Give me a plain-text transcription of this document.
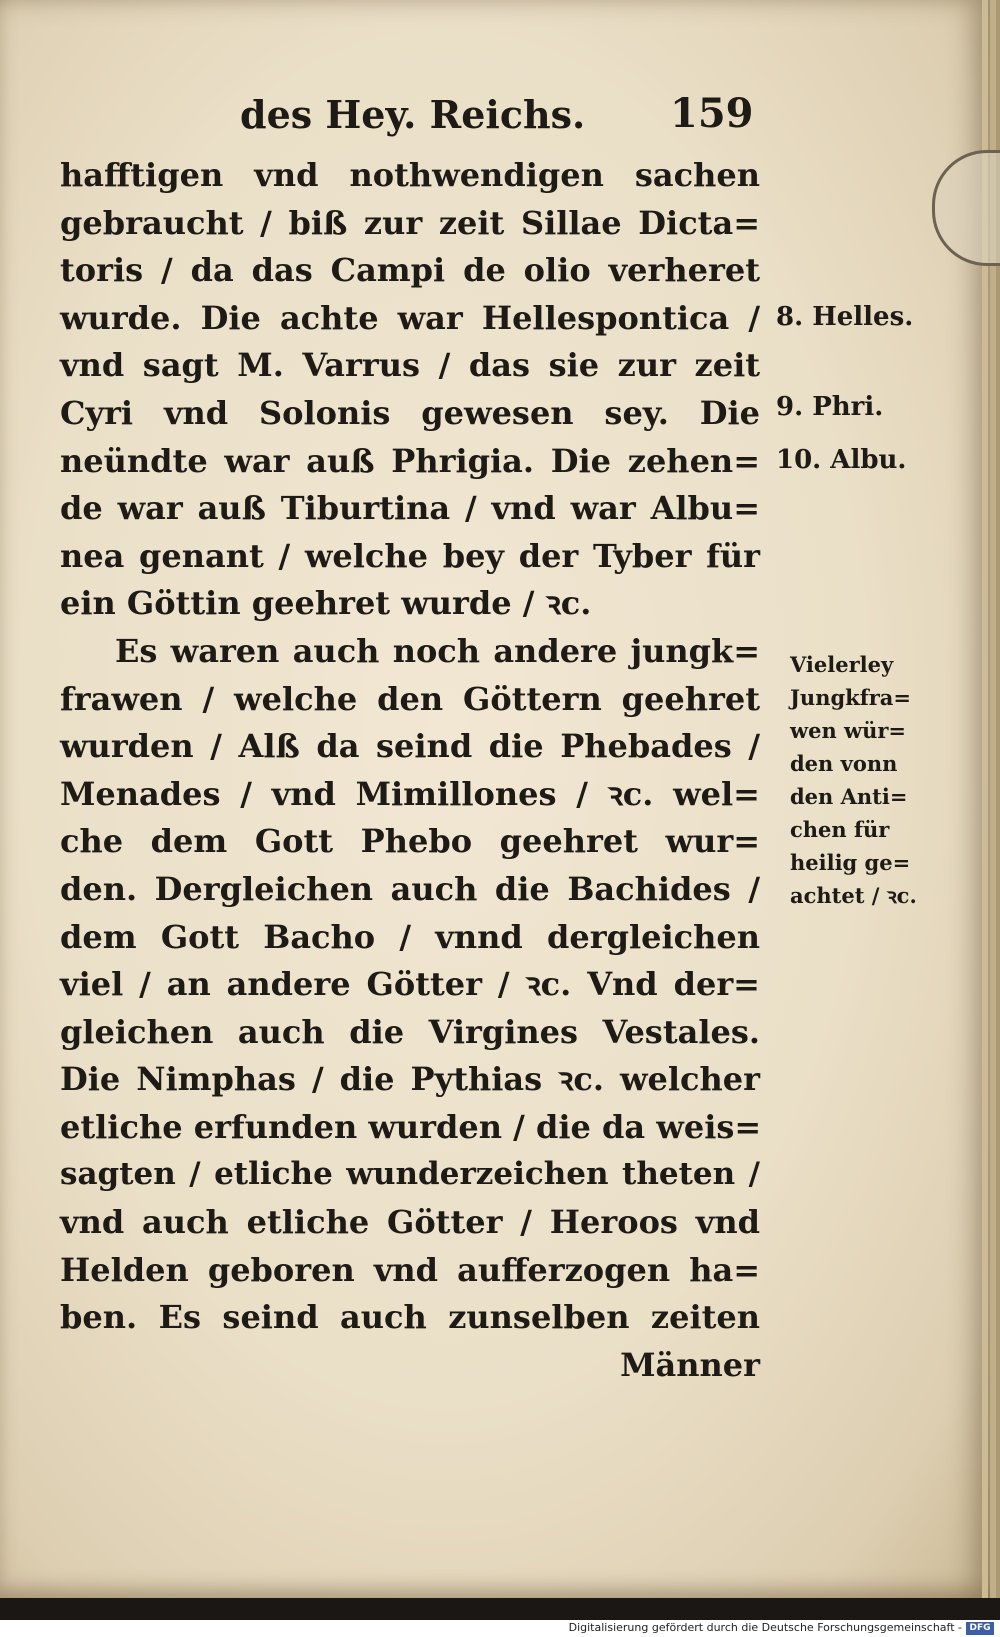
des Hey. Reichs. 159
hafftigen vnd nothwendigen sachen
gebraucht / biß zur zeit Sillae Dicta=
toris / da das Campi de olio verheret
wurde. Die achte war Hellespontica /
vnd sagt M. Varrus / das sie zur zeit
Cyri vnd Solonis gewesen sey. Die
neündte war auß Phrigia. Die zehen=
de war auß Tiburtina / vnd war Albu=
nea genant / welche bey der Tyber für
ein Göttin geehret wurde / ꝛc.
Es waren auch noch andere jungk=
frawen / welche den Göttern geehret
wurden / Alß da seind die Phebades /
Menades / vnd Mimillones / ꝛc. wel=
che dem Gott Phebo geehret wur=
den. Dergleichen auch die Bachides /
dem Gott Bacho / vnnd dergleichen
viel / an andere Götter / ꝛc. Vnd der=
gleichen auch die Virgines Vestales.
Die Nimphas / die Pythias ꝛc. welcher
etliche erfunden wurden / die da weis=
sagten / etliche wunderzeichen theten /
vnd auch etliche Götter / Heroos vnd
Helden geboren vnd aufferzogen ha=
ben. Es seind auch zunselben zeiten
Männer
8. Helles.
9. Phri.
10. Albu.
Vielerley
Jungkfra=
wen wür=
den vonn
den Anti=
chen für
heilig ge=
achtet / ꝛc.
Digitalisierung gefördert durch die Deutsche Forschungsgemeinschaft - DFG
